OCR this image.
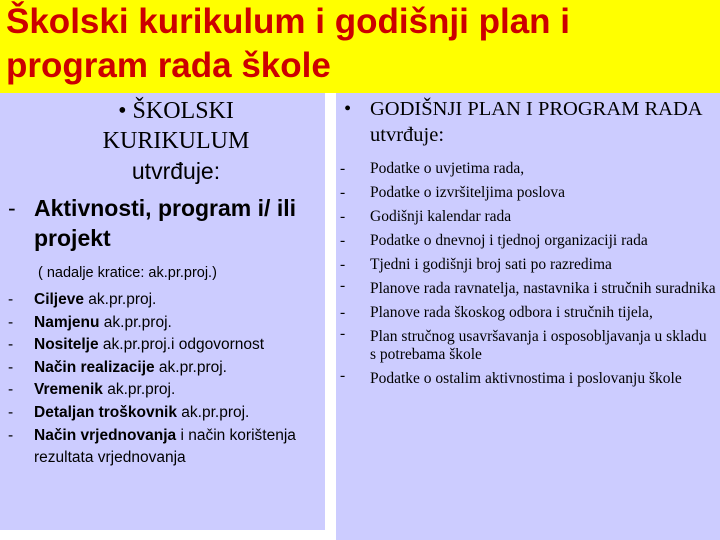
Školski kurikulum i godišnji plan i program rada škole
• ŠKOLSKI KURIKULUM
utvrđuje:
- Aktivnosti, program i/ ili projekt
( nadalje kratice: ak.pr.proj.)
- Ciljeve ak.pr.proj.
- Namjenu ak.pr.proj.
- Nositelje ak.pr.proj.i odgovornost
- Način realizacije ak.pr.proj.
- Vremenik ak.pr.proj.
- Detaljan troškovnik ak.pr.proj.
- Način vrjednovanja i način korištenja rezultata vrjednovanja
• GODIŠNJI PLAN I PROGRAM RADA utvrđuje:
- Podatke o uvjetima rada,
- Podatke o izvršiteljima poslova
- Godišnji kalendar rada
- Podatke o dnevnoj i tjednoj organizaciji rada
- Tjedni i godišnji broj sati po razredima
- Planove rada ravnatelja, nastavnika i stručnih suradnika
- Planove rada škoskog odbora i stručnih tijela,
- Plan stručnog usavršavanja i osposobljavanja u skladu s potrebama škole
- Podatke o ostalim aktivnostima i poslovanju škole
